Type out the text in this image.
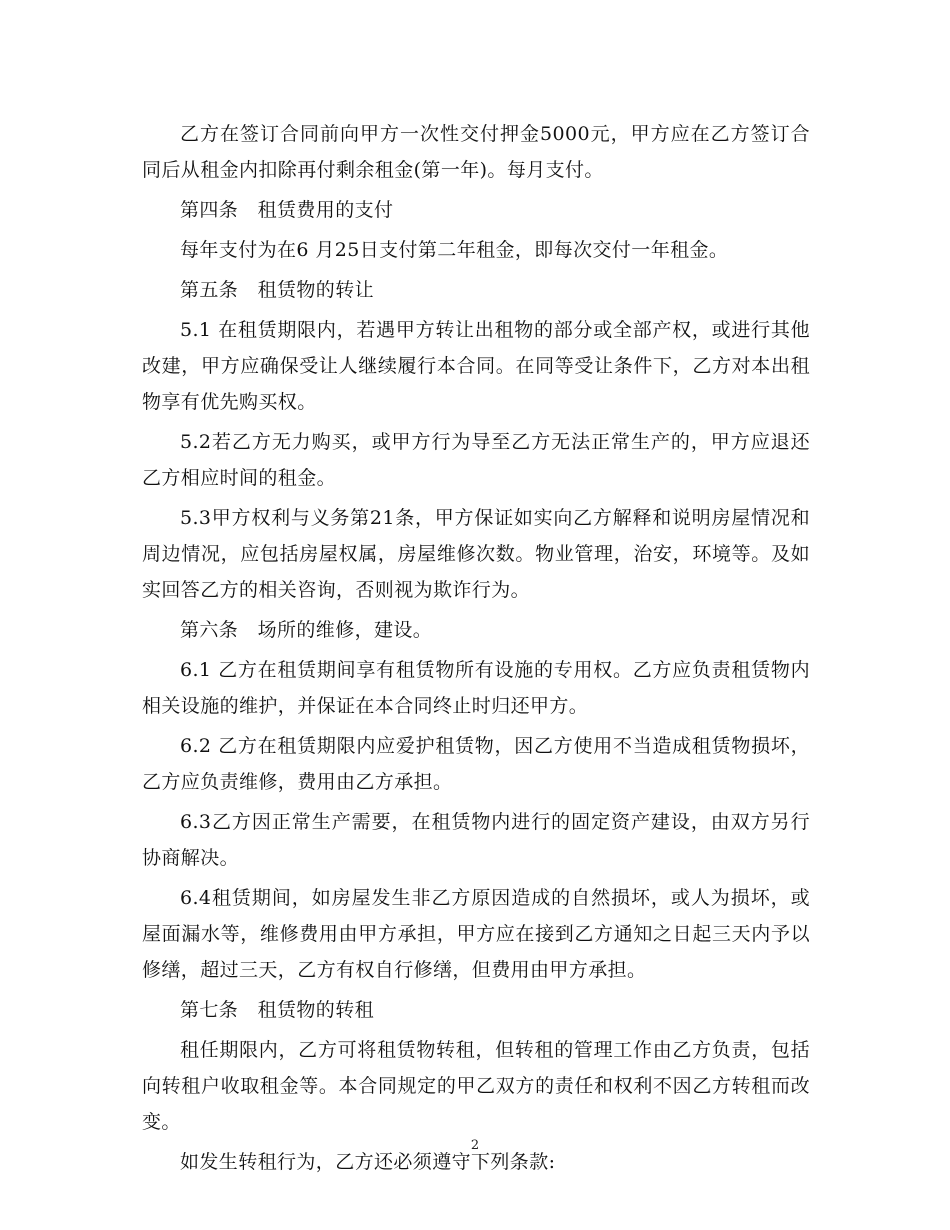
乙方在签订合同前向甲方一次性交付押金5000元，甲方应在乙方签订合同后从租金内扣除再付剩余租金(第一年)。每月支付。

第四条　租赁费用的支付

每年支付为在6 月25日支付第二年租金，即每次交付一年租金。

第五条　租赁物的转让

5.1 在租赁期限内，若遇甲方转让出租物的部分或全部产权，或进行其他改建，甲方应确保受让人继续履行本合同。在同等受让条件下，乙方对本出租物享有优先购买权。

5.2若乙方无力购买，或甲方行为导至乙方无法正常生产的，甲方应退还乙方相应时间的租金。

5.3甲方权利与义务第21条，甲方保证如实向乙方解释和说明房屋情况和周边情况，应包括房屋权属，房屋维修次数。物业管理，治安，环境等。及如实回答乙方的相关咨询，否则视为欺诈行为。

第六条　场所的维修，建设。

6.1 乙方在租赁期间享有租赁物所有设施的专用权。乙方应负责租赁物内相关设施的维护，并保证在本合同终止时归还甲方。

6.2 乙方在租赁期限内应爱护租赁物，因乙方使用不当造成租赁物损坏，乙方应负责维修，费用由乙方承担。

6.3乙方因正常生产需要，在租赁物内进行的固定资产建设，由双方另行协商解决。

6.4租赁期间，如房屋发生非乙方原因造成的自然损坏，或人为损坏，或屋面漏水等，维修费用由甲方承担，甲方应在接到乙方通知之日起三天内予以修缮，超过三天，乙方有权自行修缮，但费用由甲方承担。

第七条　租赁物的转租

租任期限内，乙方可将租赁物转租，但转租的管理工作由乙方负责，包括向转租户收取租金等。本合同规定的甲乙双方的责任和权利不因乙方转租而改变。

如发生转租行为，乙方还必须遵守下列条款:

2
